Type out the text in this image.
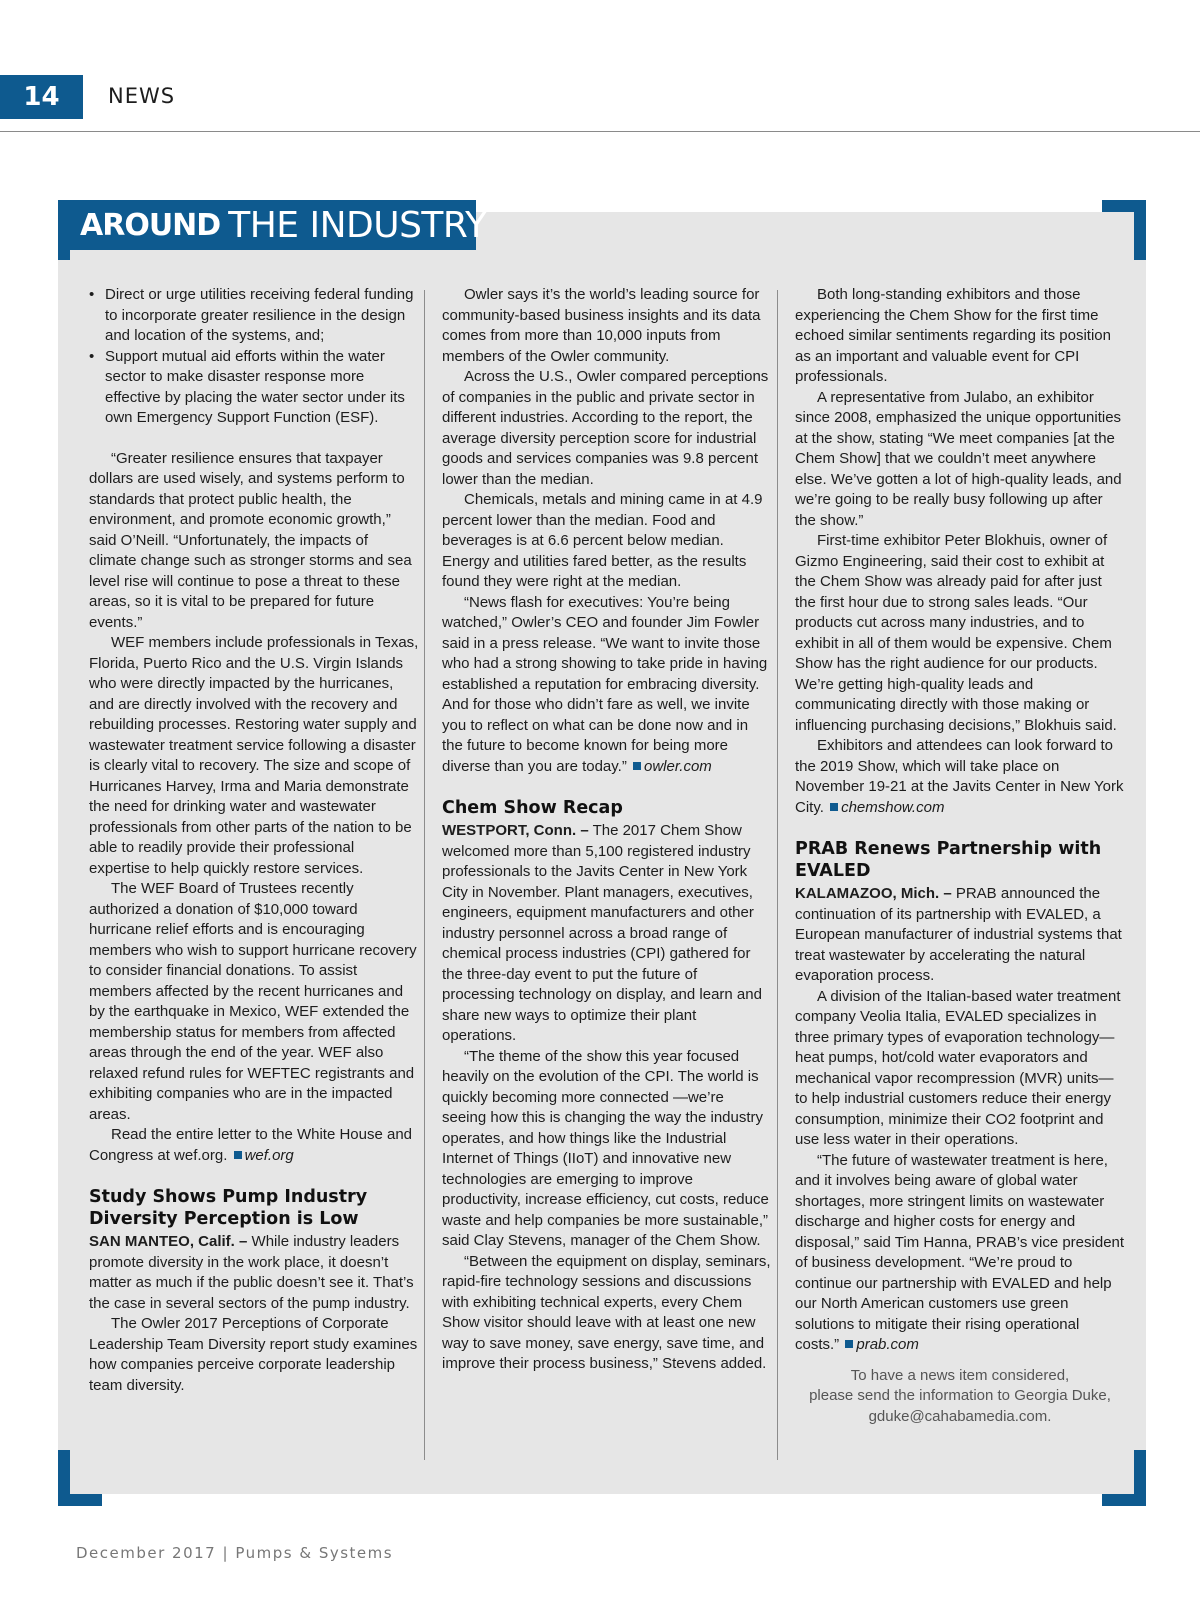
14	NEWS
AROUND THE INDUSTRY
• Direct or urge utilities receiving federal funding to incorporate greater resilience in the design and location of the systems, and;
• Support mutual aid efforts within the water sector to make disaster response more effective by placing the water sector under its own Emergency Support Function (ESF).

“Greater resilience ensures that taxpayer dollars are used wisely, and systems perform to standards that protect public health, the environment, and promote economic growth,” said O’Neill. “Unfortunately, the impacts of climate change such as stronger storms and sea level rise will continue to pose a threat to these areas, so it is vital to be prepared for future events.”

WEF members include professionals in Texas, Florida, Puerto Rico and the U.S. Virgin Islands who were directly impacted by the hurricanes, and are directly involved with the recovery and rebuilding processes. Restoring water supply and wastewater treatment service following a disaster is clearly vital to recovery. The size and scope of Hurricanes Harvey, Irma and Maria demonstrate the need for drinking water and wastewater professionals from other parts of the nation to be able to readily provide their professional expertise to help quickly restore services.

The WEF Board of Trustees recently authorized a donation of $10,000 toward hurricane relief efforts and is encouraging members who wish to support hurricane recovery to consider financial donations. To assist members affected by the recent hurricanes and by the earthquake in Mexico, WEF extended the membership status for members from affected areas through the end of the year. WEF also relaxed refund rules for WEFTEC registrants and exhibiting companies who are in the impacted areas.

Read the entire letter to the White House and Congress at wef.org. wef.org

Study Shows Pump Industry Diversity Perception is Low

SAN MANTEO, Calif. – While industry leaders promote diversity in the work place, it doesn’t matter as much if the public doesn’t see it. That’s the case in several sectors of the pump industry.

The Owler 2017 Perceptions of Corporate Leadership Team Diversity report study examines how companies perceive corporate leadership team diversity.

Owler says it’s the world’s leading source for community-based business insights and its data comes from more than 10,000 inputs from members of the Owler community.

Across the U.S., Owler compared perceptions of companies in the public and private sector in different industries. According to the report, the average diversity perception score for industrial goods and services companies was 9.8 percent lower than the median.

Chemicals, metals and mining came in at 4.9 percent lower than the median. Food and beverages is at 6.6 percent below median. Energy and utilities fared better, as the results found they were right at the median.

“News flash for executives: You’re being watched,” Owler’s CEO and founder Jim Fowler said in a press release. “We want to invite those who had a strong showing to take pride in having established a reputation for embracing diversity. And for those who didn’t fare as well, we invite you to reflect on what can be done now and in the future to become known for being more diverse than you are today.” owler.com

Chem Show Recap

WESTPORT, Conn. – The 2017 Chem Show welcomed more than 5,100 registered industry professionals to the Javits Center in New York City in November. Plant managers, executives, engineers, equipment manufacturers and other industry personnel across a broad range of chemical process industries (CPI) gathered for the three-day event to put the future of processing technology on display, and learn and share new ways to optimize their plant operations.

“The theme of the show this year focused heavily on the evolution of the CPI. The world is quickly becoming more connected —we’re seeing how this is changing the way the industry operates, and how things like the Industrial Internet of Things (IIoT) and innovative new technologies are emerging to improve productivity, increase efficiency, cut costs, reduce waste and help companies be more sustainable,” said Clay Stevens, manager of the Chem Show.

“Between the equipment on display, seminars, rapid-fire technology sessions and discussions with exhibiting technical experts, every Chem Show visitor should leave with at least one new way to save money, save energy, save time, and improve their process business,” Stevens added.

Both long-standing exhibitors and those experiencing the Chem Show for the first time echoed similar sentiments regarding its position as an important and valuable event for CPI professionals.

A representative from Julabo, an exhibitor since 2008, emphasized the unique opportunities at the show, stating “We meet companies [at the Chem Show] that we couldn’t meet anywhere else. We’ve gotten a lot of high-quality leads, and we’re going to be really busy following up after the show.”

First-time exhibitor Peter Blokhuis, owner of Gizmo Engineering, said their cost to exhibit at the Chem Show was already paid for after just the first hour due to strong sales leads. “Our products cut across many industries, and to exhibit in all of them would be expensive. Chem Show has the right audience for our products. We’re getting high-quality leads and communicating directly with those making or influencing purchasing decisions,” Blokhuis said.

Exhibitors and attendees can look forward to the 2019 Show, which will take place on November 19-21 at the Javits Center in New York City. chemshow.com

PRAB Renews Partnership with EVALED

KALAMAZOO, Mich. – PRAB announced the continuation of its partnership with EVALED, a European manufacturer of industrial systems that treat wastewater by accelerating the natural evaporation process.

A division of the Italian-based water treatment company Veolia Italia, EVALED specializes in three primary types of evaporation technology—heat pumps, hot/cold water evaporators and mechanical vapor recompression (MVR) units—to help industrial customers reduce their energy consumption, minimize their CO2 footprint and use less water in their operations.

“The future of wastewater treatment is here, and it involves being aware of global water shortages, more stringent limits on wastewater discharge and higher costs for energy and disposal,” said Tim Hanna, PRAB’s vice president of business development. “We’re proud to continue our partnership with EVALED and help our North American customers use green solutions to mitigate their rising operational costs.” prab.com

To have a news item considered,
please send the information to Georgia Duke,
gduke@cahabamedia.com.
December 2017 | Pumps & Systems
